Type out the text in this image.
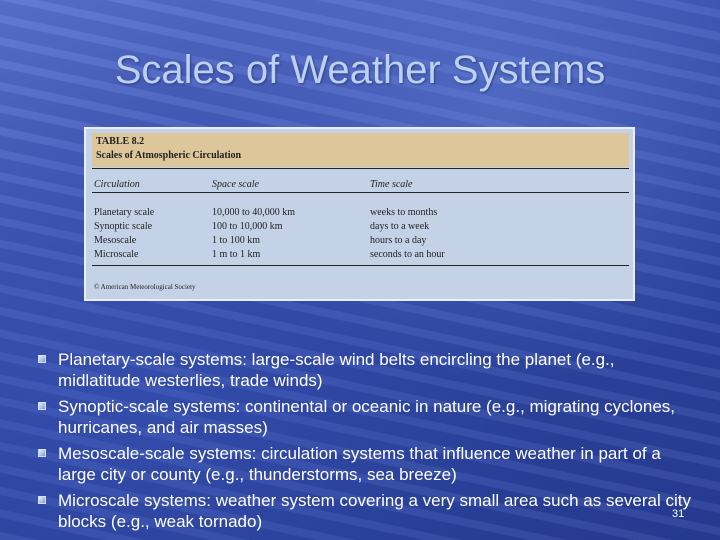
Scales of Weather Systems
TABLE 8.2
Scales of Atmospheric Circulation
Circulation	Space scale	Time scale
Planetary scale	10,000 to 40,000 km	weeks to months
Synoptic scale	100 to 10,000 km	days to a week
Mesoscale	1 to 100 km	hours to a day
Microscale	1 m to 1 km	seconds to an hour
© American Meteorological Society
Planetary-scale systems: large-scale wind belts encircling the planet (e.g., midlatitude westerlies, trade winds)
Synoptic-scale systems: continental or oceanic in nature (e.g., migrating cyclones, hurricanes, and air masses)
Mesoscale-scale systems: circulation systems that influence weather in part of a large city or county (e.g., thunderstorms, sea breeze)
Microscale systems: weather system covering a very small area such as several city blocks (e.g., weak tornado)	31
